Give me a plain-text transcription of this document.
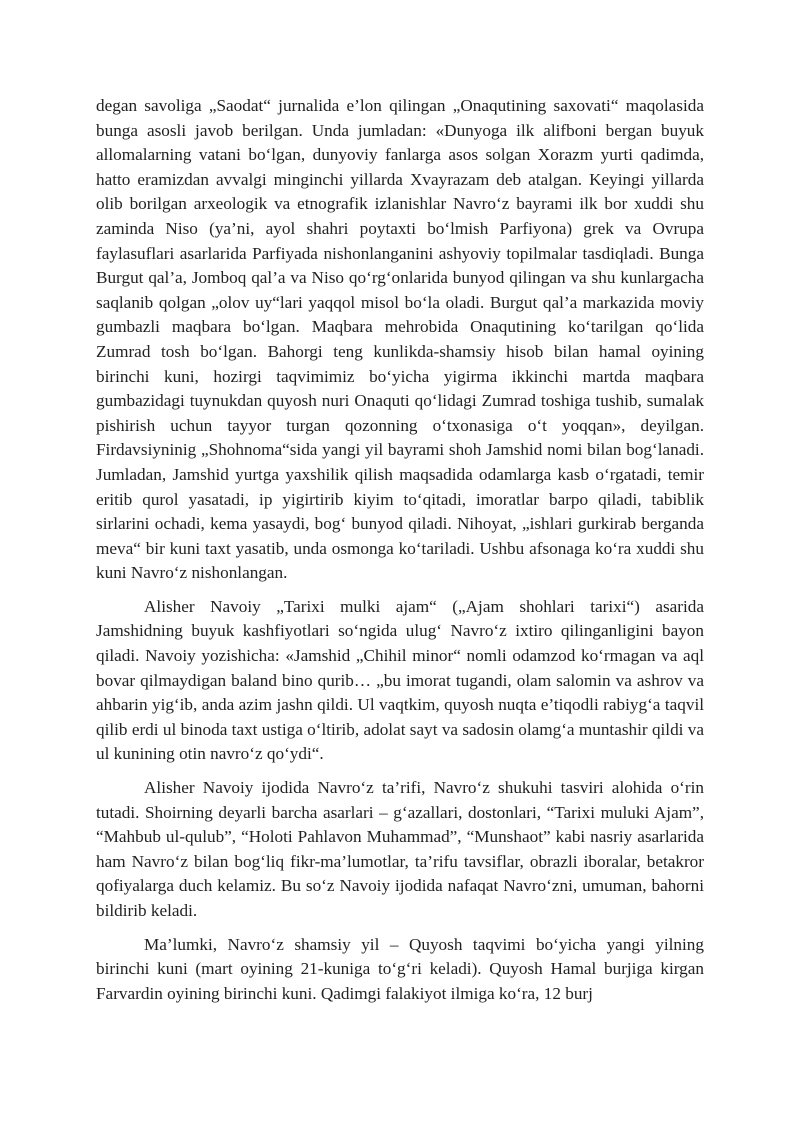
degan savoliga „Saodat“ jurnalida e’lon qilingan „Onaqutining saxovati“ maqolasida bunga asosli javob berilgan. Unda jumladan: «Dunyoga ilk alifboni bergan buyuk allomalarning vatani bo‘lgan, dunyoviy fanlarga asos solgan Xorazm yurti qadimda, hatto eramizdan avvalgi minginchi yillarda Xvayrazam deb atalgan. Keyingi yillarda olib borilgan arxeologik va etnografik izlanishlar Navro‘z bayrami ilk bor xuddi shu zaminda Niso (ya’ni, ayol shahri poytaxti bo‘lmish Parfiyona) grek va Ovrupa faylasuflari asarlarida Parfiyada nishonlanganini ashyoviy topilmalar tasdiqladi. Bunga Burgut qal’a, Jomboq qal’a va Niso qo‘rg‘onlarida bunyod qilingan va shu kunlargacha saqlanib qolgan „olov uy“lari yaqqol misol bo‘la oladi. Burgut qal’a markazida moviy gumbazli maqbara bo‘lgan. Maqbara mehrobida Onaqutining ko‘tarilgan qo‘lida Zumrad tosh bo‘lgan. Bahorgi teng kunlikda-shamsiy hisob bilan hamal oyining birinchi kuni, hozirgi taqvimimiz bo‘yicha yigirma ikkinchi martda maqbara gumbazidagi tuynukdan quyosh nuri Onaquti qo‘lidagi Zumrad toshiga tushib, sumalak pishirish uchun tayyor turgan qozonning o‘txonasiga o‘t yoqqan», deyilgan. Firdavsiyninig „Shohnoma“sida yangi yil bayrami shoh Jamshid nomi bilan bog‘lanadi. Jumladan, Jamshid yurtga yaxshilik qilish maqsadida odamlarga kasb o‘rgatadi, temir eritib qurol yasatadi, ip yigirtirib kiyim to‘qitadi, imoratlar barpo qiladi, tabiblik sirlarini ochadi, kema yasaydi, bog‘ bunyod qiladi. Nihoyat, „ishlari gurkirab berganda meva“ bir kuni taxt yasatib, unda osmonga ko‘tariladi. Ushbu afsonaga ko‘ra xuddi shu kuni Navro‘z nishonlangan.

Alisher Navoiy „Tarixi mulki ajam“ („Ajam shohlari tarixi“) asarida Jamshidning buyuk kashfiyotlari so‘ngida ulug‘ Navro‘z ixtiro qilinganligini bayon qiladi. Navoiy yozishicha: «Jamshid „Chihil minor“ nomli odamzod ko‘rmagan va aql bovar qilmaydigan baland bino qurib… „bu imorat tugandi, olam salomin va ashrov va ahbarin yig‘ib, anda azim jashn qildi. Ul vaqtkim, quyosh nuqta e’tiqodli rabiyg‘a taqvil qilib erdi ul binoda taxt ustiga o‘ltirib, adolat sayt va sadosin olamg‘a muntashir qildi va ul kunining otin navro‘z qo‘ydi“.

Alisher Navoiy ijodida Navro‘z ta’rifi, Navro‘z shukuhi tasviri alohida o‘rin tutadi. Shoirning deyarli barcha asarlari – g‘azallari, dostonlari, “Tarixi muluki Ajam”, “Mahbub ul-qulub”, “Holoti Pahlavon Muhammad”, “Munshaot” kabi nasriy asarlarida ham Navro‘z bilan bog‘liq fikr-ma’lumotlar, ta’rifu tavsiflar, obrazli iboralar, betakror qofiyalarga duch kelamiz. Bu so‘z Navoiy ijodida nafaqat Navro‘zni, umuman, bahorni bildirib keladi.

Ma’lumki, Navro‘z shamsiy yil – Quyosh taqvimi bo‘yicha yangi yilning birinchi kuni (mart oyining 21-kuniga to‘g‘ri keladi). Quyosh Hamal burjiga kirgan Farvardin oyining birinchi kuni. Qadimgi falakiyot ilmiga ko‘ra, 12 burj
